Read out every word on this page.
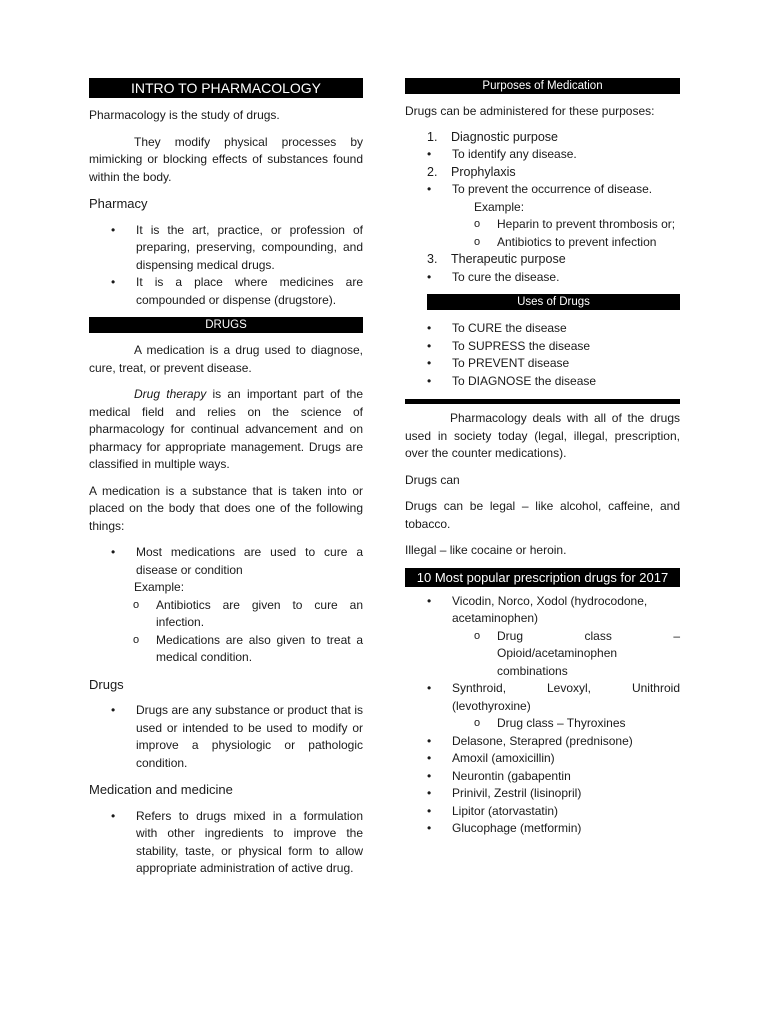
INTRO TO PHARMACOLOGY

Pharmacology is the study of drugs.

They modify physical processes by mimicking or blocking effects of substances found within the body.

Pharmacy

• It is the art, practice, or profession of preparing, preserving, compounding, and dispensing medical drugs.
• It is a place where medicines are compounded or dispense (drugstore).
DRUGS

A medication is a drug used to diagnose, cure, treat, or prevent disease.

Drug therapy is an important part of the medical field and relies on the science of pharmacology for continual advancement and on pharmacy for appropriate management. Drugs are classified in multiple ways.

A medication is a substance that is taken into or placed on the body that does one of the following things:

• Most medications are used to cure a disease or condition
Example:
o Antibiotics are given to cure an infection.
o Medications are also given to treat a medical condition.

Drugs

• Drugs are any substance or product that is used or intended to be used to modify or improve a physiologic or pathologic condition.

Medication and medicine

• Refers to drugs mixed in a formulation with other ingredients to improve the stability, taste, or physical form to allow appropriate administration of active drug.
Purposes of Medication

Drugs can be administered for these purposes:

1. Diagnostic purpose
• To identify any disease.
2. Prophylaxis
• To prevent the occurrence of disease.
Example:
o Heparin to prevent thrombosis or;
o Antibiotics to prevent infection
3. Therapeutic purpose
• To cure the disease.
Uses of Drugs
• To CURE the disease
• To SUPRESS the disease
• To PREVENT disease
• To DIAGNOSE the disease

Pharmacology deals with all of the drugs used in society today (legal, illegal, prescription, over the counter medications).

Drugs can

Drugs can be legal – like alcohol, caffeine, and tobacco.

Illegal – like cocaine or heroin.

10 Most popular prescription drugs for 2017
• Vicodin, Norco, Xodol (hydrocodone, acetaminophen)
o Drug class – Opioid/acetaminophen combinations
• Synthroid, Levoxyl, Unithroid (levothyroxine)
o Drug class – Thyroxines
• Delasone, Sterapred (prednisone)
• Amoxil (amoxicillin)
• Neurontin (gabapentin
• Prinivil, Zestril (lisinopril)
• Lipitor (atorvastatin)
• Glucophage (metformin)
